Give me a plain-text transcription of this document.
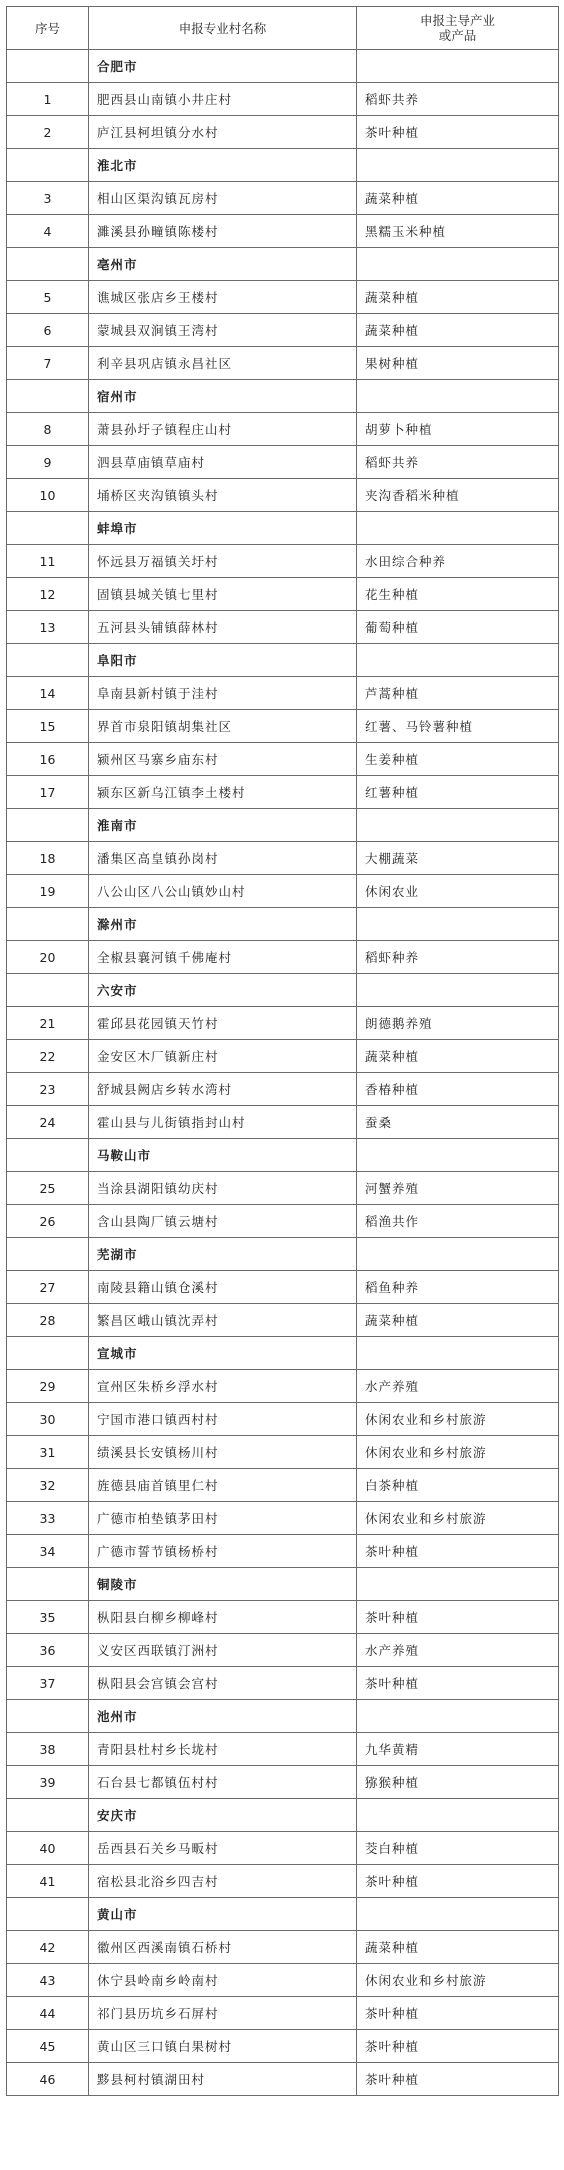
序号	申报专业村名称	申报主导产业
或产品
	合肥市	
1	肥西县山南镇小井庄村	稻虾共养
2	庐江县柯坦镇分水村	茶叶种植
	淮北市	
3	相山区渠沟镇瓦房村	蔬菜种植
4	濉溪县孙疃镇陈楼村	黑糯玉米种植
	亳州市	
5	谯城区张店乡王楼村	蔬菜种植
6	蒙城县双涧镇王湾村	蔬菜种植
7	利辛县巩店镇永昌社区	果树种植
	宿州市	
8	萧县孙圩子镇程庄山村	胡萝卜种植
9	泗县草庙镇草庙村	稻虾共养
10	埇桥区夹沟镇镇头村	夹沟香稻米种植
	蚌埠市	
11	怀远县万福镇关圩村	水田综合种养
12	固镇县城关镇七里村	花生种植
13	五河县头铺镇薛林村	葡萄种植
	阜阳市	
14	阜南县新村镇于洼村	芦蒿种植
15	界首市泉阳镇胡集社区	红薯、马铃薯种植
16	颍州区马寨乡庙东村	生姜种植
17	颍东区新乌江镇李土楼村	红薯种植
	淮南市	
18	潘集区高皇镇孙岗村	大棚蔬菜
19	八公山区八公山镇妙山村	休闲农业
	滁州市	
20	全椒县襄河镇千佛庵村	稻虾种养
	六安市	
21	霍邱县花园镇天竹村	朗德鹅养殖
22	金安区木厂镇新庄村	蔬菜种植
23	舒城县阙店乡转水湾村	香椿种植
24	霍山县与儿街镇指封山村	蚕桑
	马鞍山市	
25	当涂县湖阳镇幼庆村	河蟹养殖
26	含山县陶厂镇云塘村	稻渔共作
	芜湖市	
27	南陵县籍山镇仓溪村	稻鱼种养
28	繁昌区峨山镇沈弄村	蔬菜种植
	宣城市	
29	宣州区朱桥乡浮水村	水产养殖
30	宁国市港口镇西村村	休闲农业和乡村旅游
31	绩溪县长安镇杨川村	休闲农业和乡村旅游
32	旌德县庙首镇里仁村	白茶种植
33	广德市柏垫镇茅田村	休闲农业和乡村旅游
34	广德市誓节镇杨桥村	茶叶种植
	铜陵市	
35	枞阳县白柳乡柳峰村	茶叶种植
36	义安区西联镇汀洲村	水产养殖
37	枞阳县会宫镇会宫村	茶叶种植
	池州市	
38	青阳县杜村乡长垅村	九华黄精
39	石台县七都镇伍村村	猕猴种植
	安庆市	
40	岳西县石关乡马畈村	茭白种植
41	宿松县北浴乡四吉村	茶叶种植
	黄山市	
42	徽州区西溪南镇石桥村	蔬菜种植
43	休宁县岭南乡岭南村	休闲农业和乡村旅游
44	祁门县历坑乡石屏村	茶叶种植
45	黄山区三口镇白果树村	茶叶种植
46	黟县柯村镇湖田村	茶叶种植
